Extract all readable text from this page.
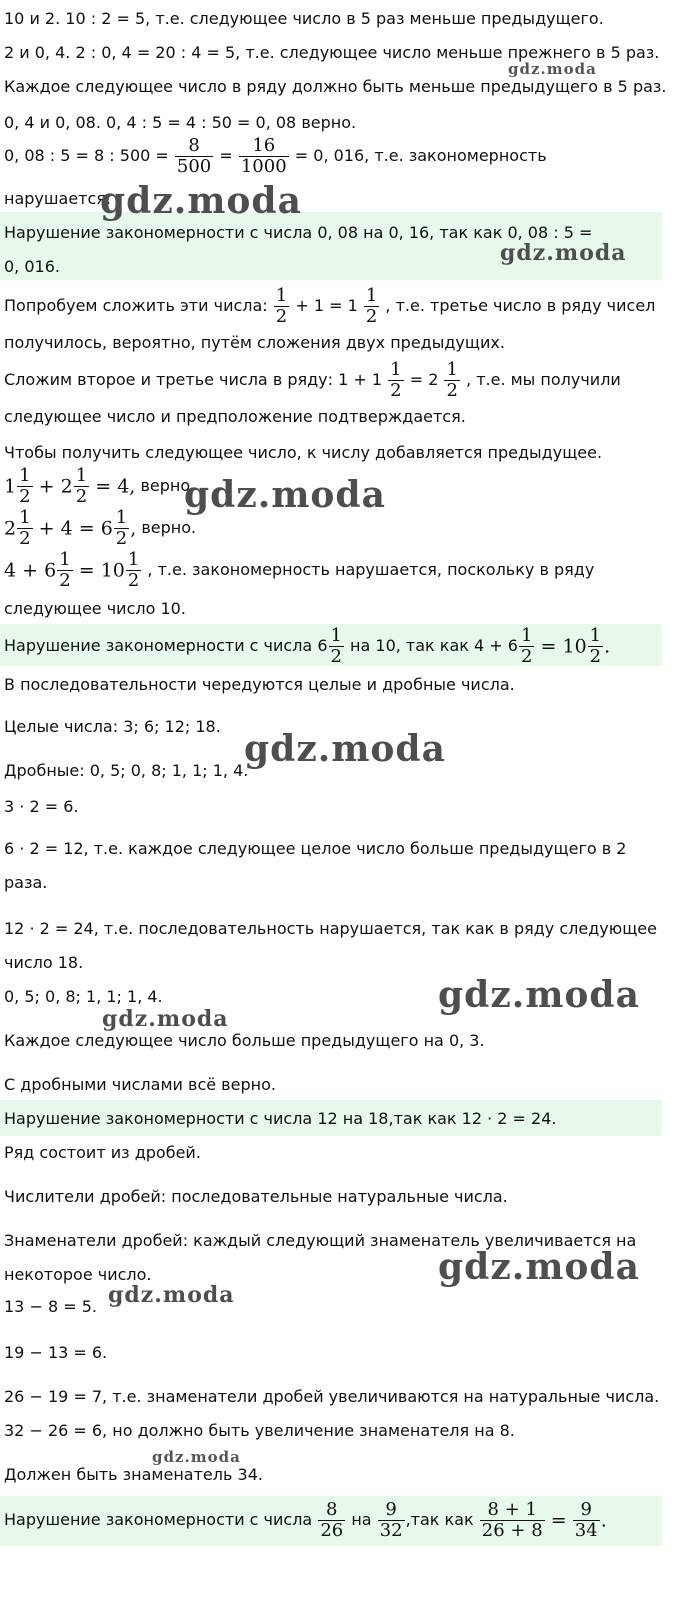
10 и 2. 10 : 2 = 5, т.е. следующее число в 5 раз меньше предыдущего.
2 и 0, 4. 2 : 0, 4 = 20 : 4 = 5, т.е. следующее число меньше прежнего в 5 раз.
Каждое следующее число в ряду должно быть меньше предыдущего в 5 раз.
0, 4 и 0, 08. 0, 4 : 5 = 4 : 50 = 0, 08 верно.
0, 08 : 5 = 8 : $500 = \frac{8}{500} = \frac{16}{1000} = 0$, 016, т.е. закономерность
нарушается.
Нарушение закономерности с числа 0, 08 на 0, 16, так как 0, 08 : 5 =
0, 016.
Попробуем сложить эти числа: $\frac{1}{2} + 1 = 1 \frac{1}{2}$ , т.е. третье число в ряду чисел
получилось, вероятно, путём сложения двух предыдущих.
Сложим второе и третье числа в ряду: $1 + 1 \frac{1}{2} = 2 \frac{1}{2}$ , т.е. мы получили
следующее число и предположение подтверждается.
Чтобы получить следующее число, к числу добавляется предыдущее.
$1 \frac{1}{2} + 2 \frac{1}{2} = 4$, верно.
$2 \frac{1}{2} + 4 = 6 \frac{1}{2}$ , верно.
$4 + 6 \frac{1}{2} = 10 \frac{1}{2}$ , т.е. закономерность нарушается, поскольку в ряду
следующее число 10.
Нарушение закономерности с числа $6 \frac{1}{2}$ на 10, так как $4 + 6 \frac{1}{2} = 10 \frac{1}{2}$ .
В последовательности чередуются целые и дробные числа.
Целые числа: 3; 6; 12; 18.
Дробные: 0, 5; 0, 8; 1, 1; 1, 4.
3 · 2 = 6.
6 · 2 = 12, т.е. каждое следующее целое число больше предыдущего в 2
раза.
12 · 2 = 24, т.е. последовательность нарушается, так как в ряду следующее
число 18.
0, 5; 0, 8; 1, 1; 1, 4.
Каждое следующее число больше предыдущего на 0, 3.
С дробными числами всё верно.
Нарушение закономерности с числа 12 на 18,так как 12 · 2 = 24.
Ряд состоит из дробей.
Числители дробей: последовательные натуральные числа.
Знаменатели дробей: каждый следующий знаменатель увеличивается на
некоторое число.
13 − 8 = 5.
19 − 13 = 6.
26 − 19 = 7, т.е. знаменатели дробей увеличиваются на натуральные числа.
32 − 26 = 6, но должно быть увеличение знаменателя на 8.
Должен быть знаменатель 34.
Нарушение закономерности с числа $\frac{8}{26}$ на $\frac{9}{32} ,так$ как $\frac{8 + 1}{26 + 8} = \frac{9}{34}$ .
gdz.moda
gdz.moda
gdz.moda
gdz.moda
gdz.moda
gdz.moda
gdz.moda
gdz.moda
gdz.moda
gdz.moda
